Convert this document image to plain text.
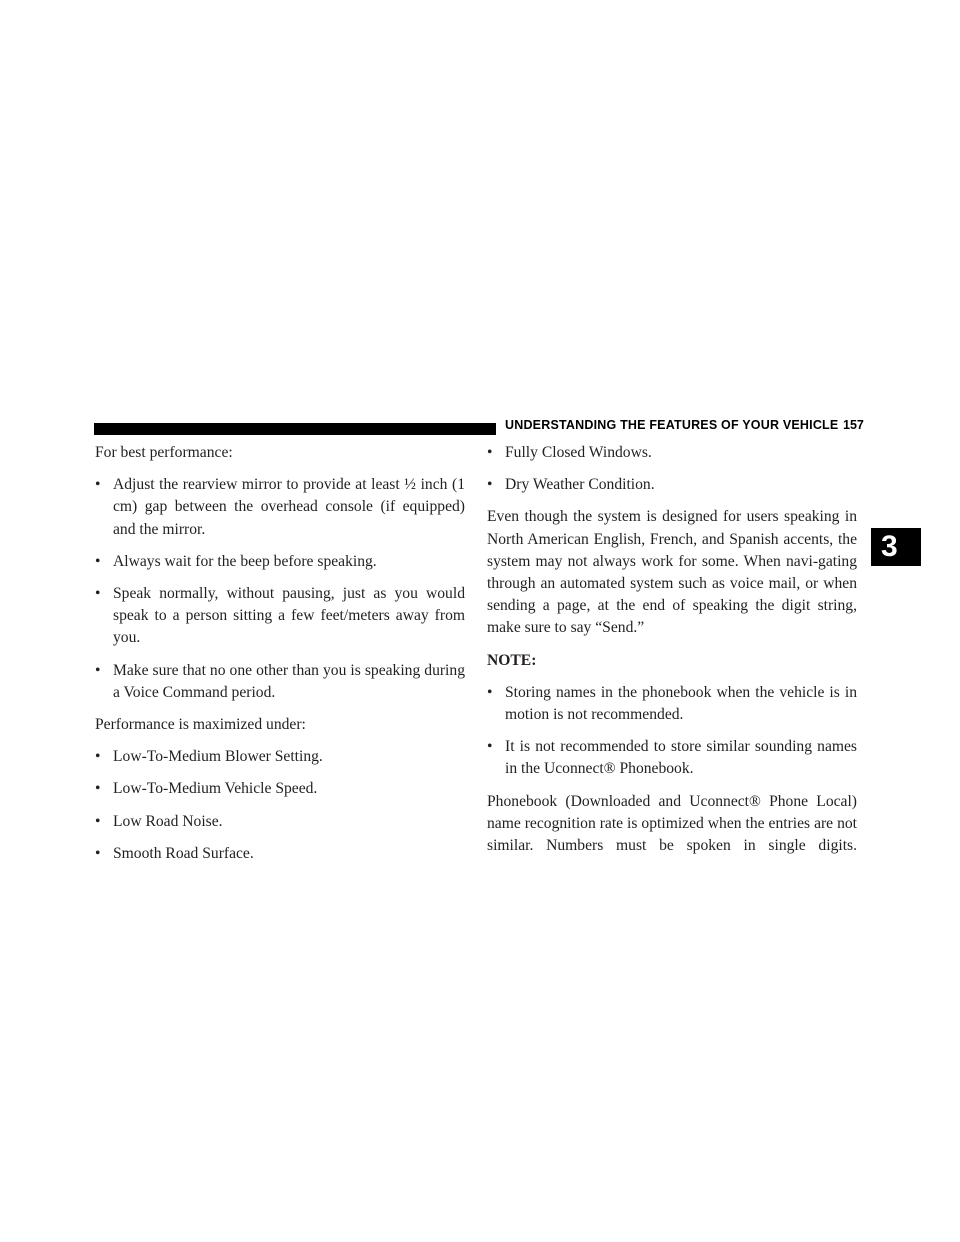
UNDERSTANDING THE FEATURES OF YOUR VEHICLE 157
3

For best performance:

• Adjust the rearview mirror to provide at least ½ inch (1 cm) gap between the overhead console (if equipped) and the mirror.
• Always wait for the beep before speaking.
• Speak normally, without pausing, just as you would speak to a person sitting a few feet/meters away from you.
• Make sure that no one other than you is speaking during a Voice Command period.

Performance is maximized under:

• Low-To-Medium Blower Setting.
• Low-To-Medium Vehicle Speed.
• Low Road Noise.
• Smooth Road Surface.
• Fully Closed Windows.
• Dry Weather Condition.

Even though the system is designed for users speaking in North American English, French, and Spanish accents, the system may not always work for some. When navi-gating through an automated system such as voice mail, or when sending a page, at the end of speaking the digit string, make sure to say “Send.”

NOTE:

• Storing names in the phonebook when the vehicle is in motion is not recommended.
• It is not recommended to store similar sounding names in the Uconnect® Phonebook.

Phonebook (Downloaded and Uconnect® Phone Local) name recognition rate is optimized when the entries are not similar. Numbers must be spoken in single digits.
